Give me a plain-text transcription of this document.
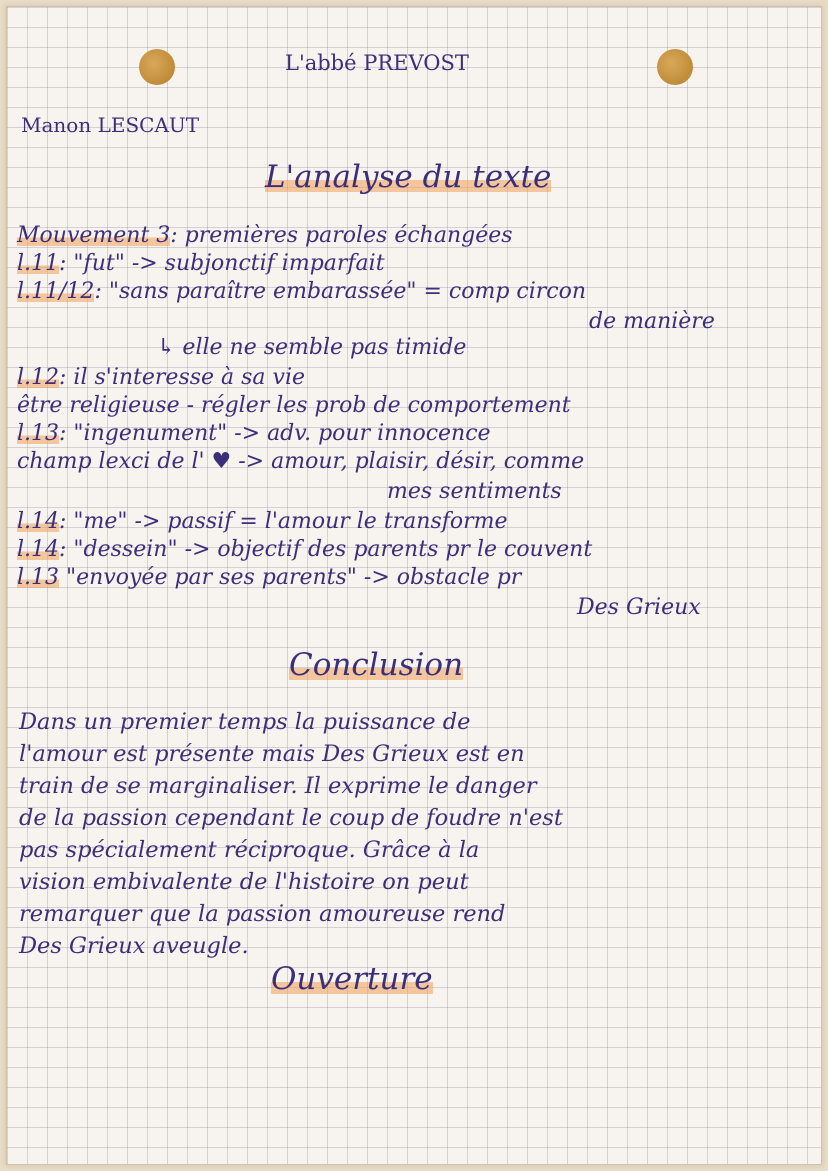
L'abbé PREVOST
Manon LESCAUT
L'analyse du texte
Mouvement 3: premières paroles échangées
l.11: "fut" -> subjonctif imparfait
l.11/12: "sans paraître embarassée" = comp circon
de manière
↳ elle ne semble pas timide
l.12: il s'interesse à sa vie
être religieuse - régler les prob de comportement
l.13: "ingenument" -> adv. pour innocence
champ lexci de l' ♥ -> amour, plaisir, désir, comme
mes sentiments
l.14: "me" -> passif = l'amour le transforme
l.14: "dessein" -> objectif des parents pr le couvent
l.13 "envoyée par ses parents" -> obstacle pr
Des Grieux
Conclusion
Dans un premier temps la puissance de
l'amour est présente mais Des Grieux est en
train de se marginaliser. Il exprime le danger
de la passion cependant le coup de foudre n'est
pas spécialement réciproque. Grâce à la
vision embivalente de l'histoire on peut
remarquer que la passion amoureuse rend
Des Grieux aveugle.
Ouverture
